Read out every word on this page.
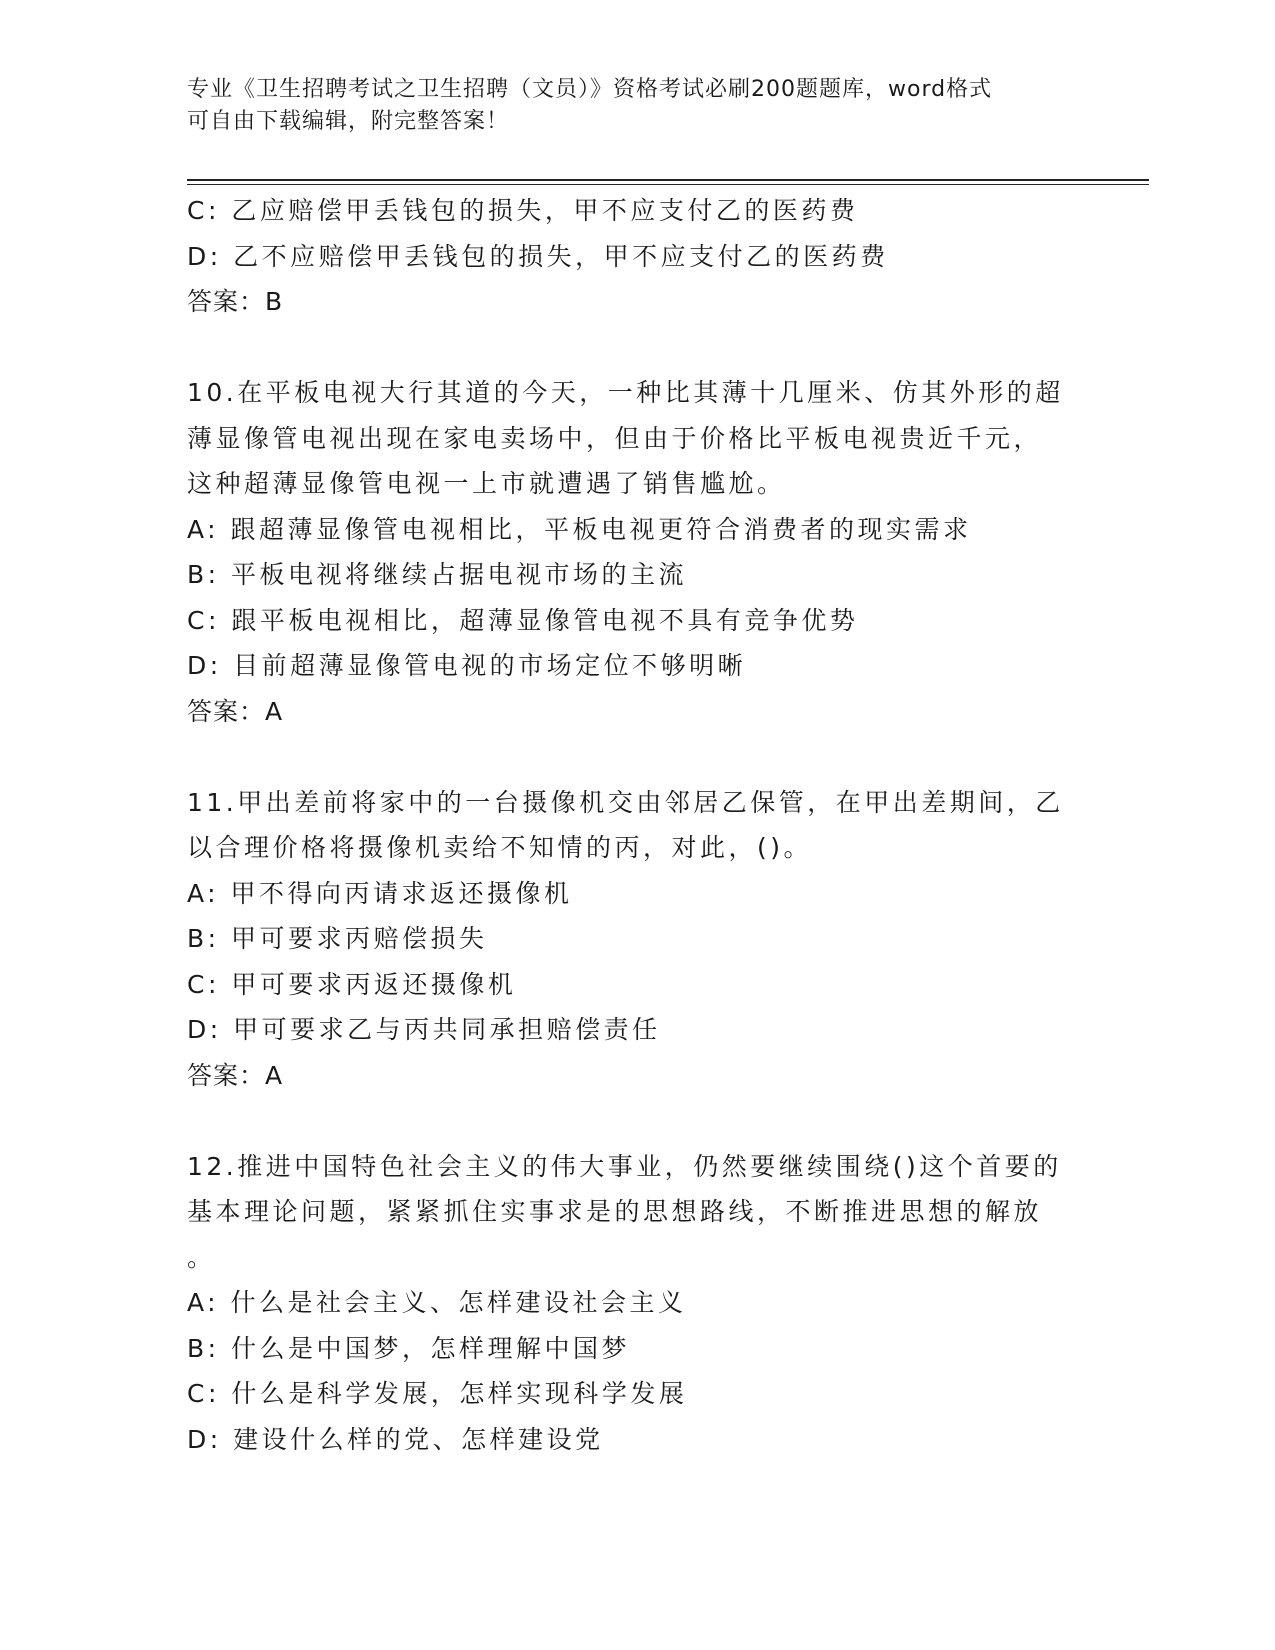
专业《卫生招聘考试之卫生招聘（文员）》资格考试必刷200题题库，word格式
可自由下载编辑，附完整答案！
C: 乙应赔偿甲丢钱包的损失，甲不应支付乙的医药费
D: 乙不应赔偿甲丢钱包的损失，甲不应支付乙的医药费
答案：B
10.在平板电视大行其道的今天，一种比其薄十几厘米、仿其外形的超
薄显像管电视出现在家电卖场中，但由于价格比平板电视贵近千元，
这种超薄显像管电视一上市就遭遇了销售尴尬。
A: 跟超薄显像管电视相比，平板电视更符合消费者的现实需求
B: 平板电视将继续占据电视市场的主流
C: 跟平板电视相比，超薄显像管电视不具有竞争优势
D: 目前超薄显像管电视的市场定位不够明晰
答案：A
11.甲出差前将家中的一台摄像机交由邻居乙保管，在甲出差期间，乙
以合理价格将摄像机卖给不知情的丙，对此，()。
A: 甲不得向丙请求返还摄像机
B: 甲可要求丙赔偿损失
C: 甲可要求丙返还摄像机
D: 甲可要求乙与丙共同承担赔偿责任
答案：A
12.推进中国特色社会主义的伟大事业，仍然要继续围绕()这个首要的
基本理论问题，紧紧抓住实事求是的思想路线，不断推进思想的解放
。
A: 什么是社会主义、怎样建设社会主义
B: 什么是中国梦，怎样理解中国梦
C: 什么是科学发展，怎样实现科学发展
D: 建设什么样的党、怎样建设党
